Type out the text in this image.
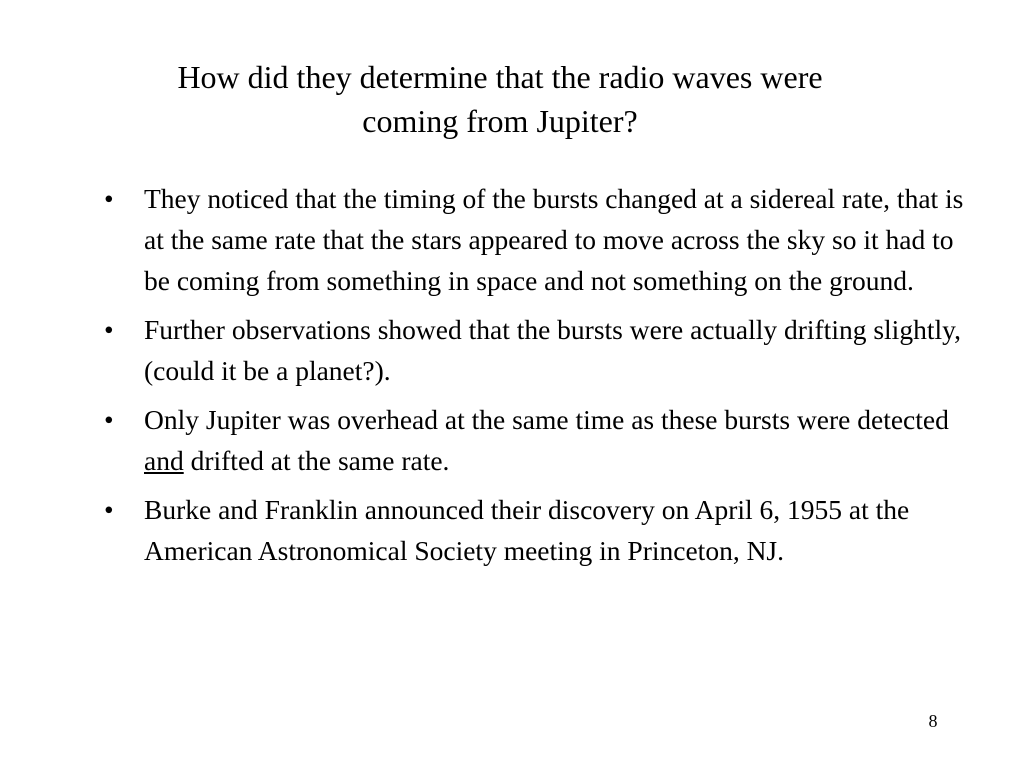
How did they determine that the radio waves were
coming from Jupiter?
•	They noticed that the timing of the bursts changed at a sidereal rate, that is at the same rate that the stars appeared to move across the sky so it had to be coming from something in space and not something on the ground.
•	Further observations showed that the bursts were actually drifting slightly, (could it be a planet?).
•	Only Jupiter was overhead at the same time as these bursts were detected and drifted at the same rate.
•	Burke and Franklin announced their discovery on April 6, 1955 at the American Astronomical Society meeting in Princeton, NJ.
8
